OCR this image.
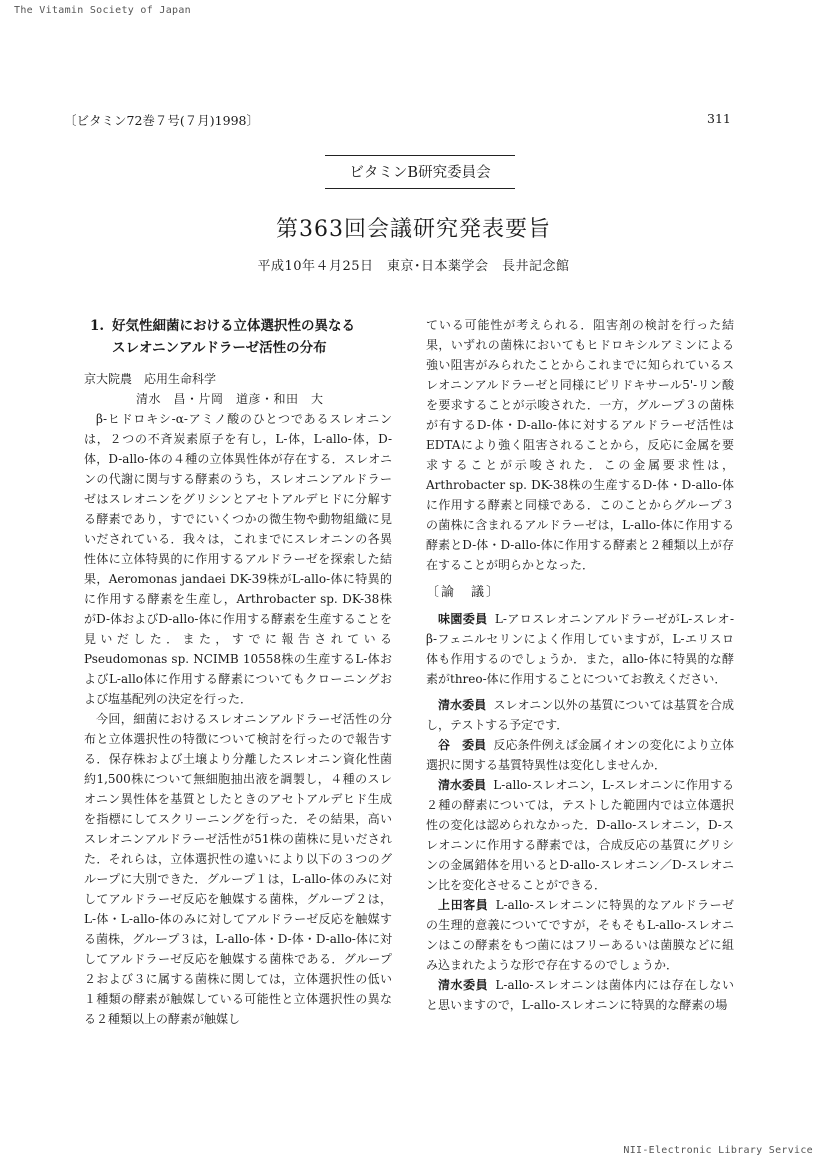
The Vitamin Society of Japan
〔ビタミン72巻７号(７月)1998〕	311
ビタミンB研究委員会
第363回会議研究発表要旨
平成10年４月25日　東京･日本薬学会　長井記念館
1. 好気性細菌における立体選択性の異なる
スレオニンアルドラーゼ活性の分布

京大院農　応用生命科学

清水　昌・片岡　道彦・和田　大

β-ヒドロキシ-α-アミノ酸のひとつであるスレオニンは，２つの不斉炭素原子を有し，L-体，L-allo-体，D-体，D-allo-体の４種の立体異性体が存在する．スレオニンの代謝に関与する酵素のうち，スレオニンアルドラーゼはスレオニンをグリシンとアセトアルデヒドに分解する酵素であり，すでにいくつかの微生物や動物組織に見いだされている．我々は，これまでにスレオニンの各異性体に立体特異的に作用するアルドラーゼを探索した結果，Aeromonas jandaei DK-39株がL-allo-体に特異的に作用する酵素を生産し，Arthrobacter sp. DK-38株がD-体およびD-allo-体に作用する酵素を生産することを見いだした．また，すでに報告されているPseudomonas sp. NCIMB 10558株の生産するL-体およびL-allo体に作用する酵素についてもクローニングおよび塩基配列の決定を行った．

今回，細菌におけるスレオニンアルドラーゼ活性の分布と立体選択性の特徴について検討を行ったので報告する．保存株および土壌より分離したスレオニン資化性菌約1,500株について無細胞抽出液を調製し，４種のスレオニン異性体を基質としたときのアセトアルデヒド生成を指標にしてスクリーニングを行った．その結果，高いスレオニンアルドラーゼ活性が51株の菌株に見いだされた．それらは，立体選択性の違いにより以下の３つのグループに大別できた．グループ１は，L-allo-体のみに対してアルドラーゼ反応を触媒する菌株，グループ２は，L-体・L-allo-体のみに対してアルドラーゼ反応を触媒する菌株，グループ３は，L-allo-体・D-体・D-allo-体に対してアルドラーゼ反応を触媒する菌株である．グループ２および３に属する菌株に関しては，立体選択性の低い１種類の酵素が触媒している可能性と立体選択性の異なる２種類以上の酵素が触媒し

ている可能性が考えられる．阻害剤の検討を行った結果，いずれの菌株においてもヒドロキシルアミンによる強い阻害がみられたことからこれまでに知られているスレオニンアルドラーゼと同様にピリドキサール5'-リン酸を要求することが示唆された．一方，グループ３の菌株が有するD-体・D-allo-体に対するアルドラーゼ活性はEDTAにより強く阻害されることから，反応に金属を要求することが示唆された．この金属要求性は，Arthrobacter sp. DK-38株の生産するD-体・D-allo-体に作用する酵素と同様である．このことからグループ３の菌株に含まれるアルドラーゼは，L-allo-体に作用する酵素とD-体・D-allo-体に作用する酵素と２種類以上が存在することが明らかとなった．

〔論　議〕

味園委員 L-アロスレオニンアルドラーゼがL-スレオ-β-フェニルセリンによく作用していますが，L-エリスロ体も作用するのでしょうか．また，allo-体に特異的な酵素がthreo-体に作用することについてお教えください．

清水委員 スレオニン以外の基質については基質を合成し，テストする予定です．

谷　委員 反応条件例えば金属イオンの変化により立体選択に関する基質特異性は変化しませんか．

清水委員 L-allo-スレオニン，L-スレオニンに作用する２種の酵素については，テストした範囲内では立体選択性の変化は認められなかった．D-allo-スレオニン，D-スレオニンに作用する酵素では，合成反応の基質にグリシンの金属錯体を用いるとD-allo-スレオニン／D-スレオニン比を変化させることができる．

上田客員 L-allo-スレオニンに特異的なアルドラーゼの生理的意義についてですが，そもそもL-allo-スレオニンはこの酵素をもつ菌にはフリーあるいは菌膜などに組み込まれたような形で存在するのでしょうか．

清水委員 L-allo-スレオニンは菌体内には存在しないと思いますので，L-allo-スレオニンに特異的な酵素の場

NII-Electronic Library Service
